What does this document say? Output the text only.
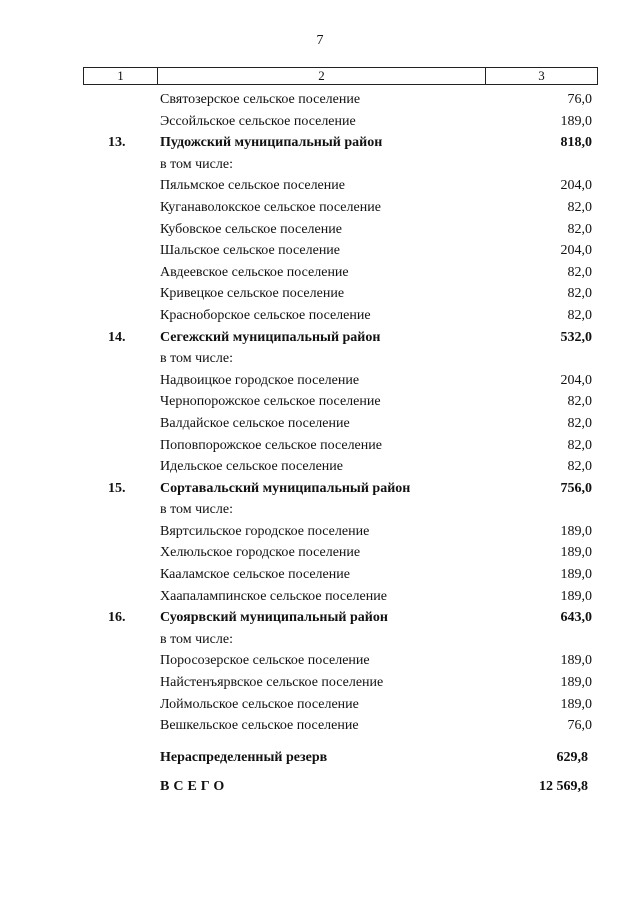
7
1	2	3
Святозерское сельское поселение	76,0
Эссойльское сельское поселение	189,0
13. Пудожский муниципальный район	818,0
в том числе:
Пяльмское сельское поселение	204,0
Куганаволокское сельское поселение	82,0
Кубовское сельское поселение	82,0
Шальское сельское поселение	204,0
Авдеевское сельское поселение	82,0
Кривецкое сельское поселение	82,0
Красноборское сельское поселение	82,0
14. Сегежский муниципальный район	532,0
в том числе:
Надвоицкое городское поселение	204,0
Чернопорожское сельское поселение	82,0
Валдайское сельское поселение	82,0
Поповпорожское сельское поселение	82,0
Идельское сельское поселение	82,0
15. Сортавальский муниципальный район	756,0
в том числе:
Вяртсильское городское поселение	189,0
Хелюльское городское поселение	189,0
Кааламское сельское поселение	189,0
Хаапалампинское сельское поселение	189,0
16. Суоярвский муниципальный район	643,0
в том числе:
Поросозерское сельское поселение	189,0
Найстенъярвское сельское поселение	189,0
Лоймольское сельское поселение	189,0
Вешкельское сельское поселение	76,0
Нераспределенный резерв	629,8
ВСЕГО	12 569,8
